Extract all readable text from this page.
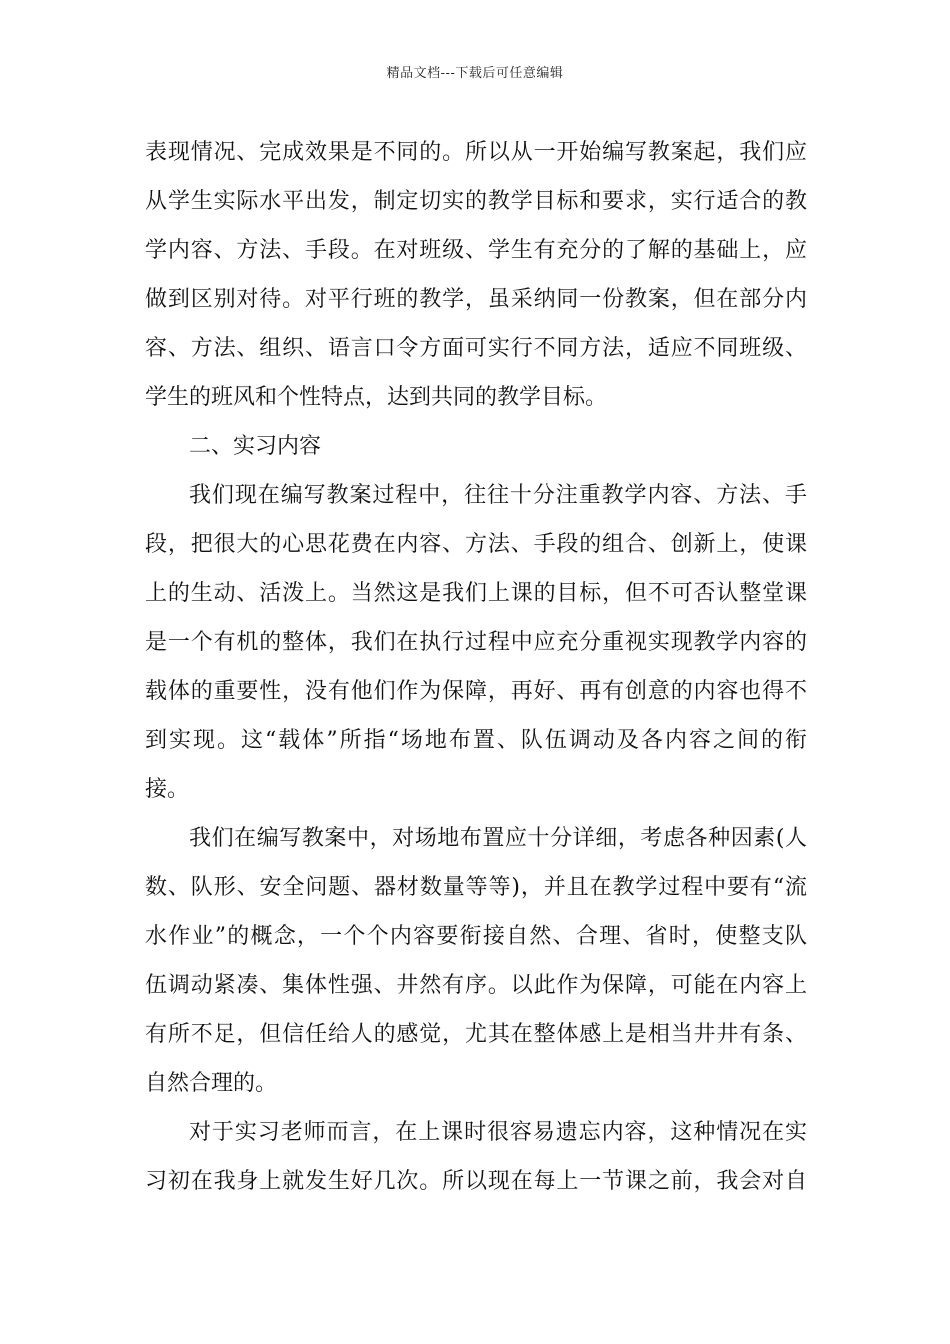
精品文档---下载后可任意编辑
表现情况、完成效果是不同的。所以从一开始编写教案起，我们应
从学生实际水平出发，制定切实的教学目标和要求，实行适合的教
学内容、方法、手段。在对班级、学生有充分的了解的基础上，应
做到区别对待。对平行班的教学，虽采纳同一份教案，但在部分内
容、方法、组织、语言口令方面可实行不同方法，适应不同班级、
学生的班风和个性特点，达到共同的教学目标。
二、实习内容
我们现在编写教案过程中，往往十分注重教学内容、方法、手
段，把很大的心思花费在内容、方法、手段的组合、创新上，使课
上的生动、活泼上。当然这是我们上课的目标，但不可否认整堂课
是一个有机的整体，我们在执行过程中应充分重视实现教学内容的
载体的重要性，没有他们作为保障，再好、再有创意的内容也得不
到实现。这“载体”所指“场地布置、队伍调动及各内容之间的衔
接。
我们在编写教案中，对场地布置应十分详细，考虑各种因素(人
数、队形、安全问题、器材数量等等)，并且在教学过程中要有“流
水作业”的概念，一个个内容要衔接自然、合理、省时，使整支队
伍调动紧凑、集体性强、井然有序。以此作为保障，可能在内容上
有所不足，但信任给人的感觉，尤其在整体感上是相当井井有条、
自然合理的。
对于实习老师而言，在上课时很容易遗忘内容，这种情况在实
习初在我身上就发生好几次。所以现在每上一节课之前，我会对自
